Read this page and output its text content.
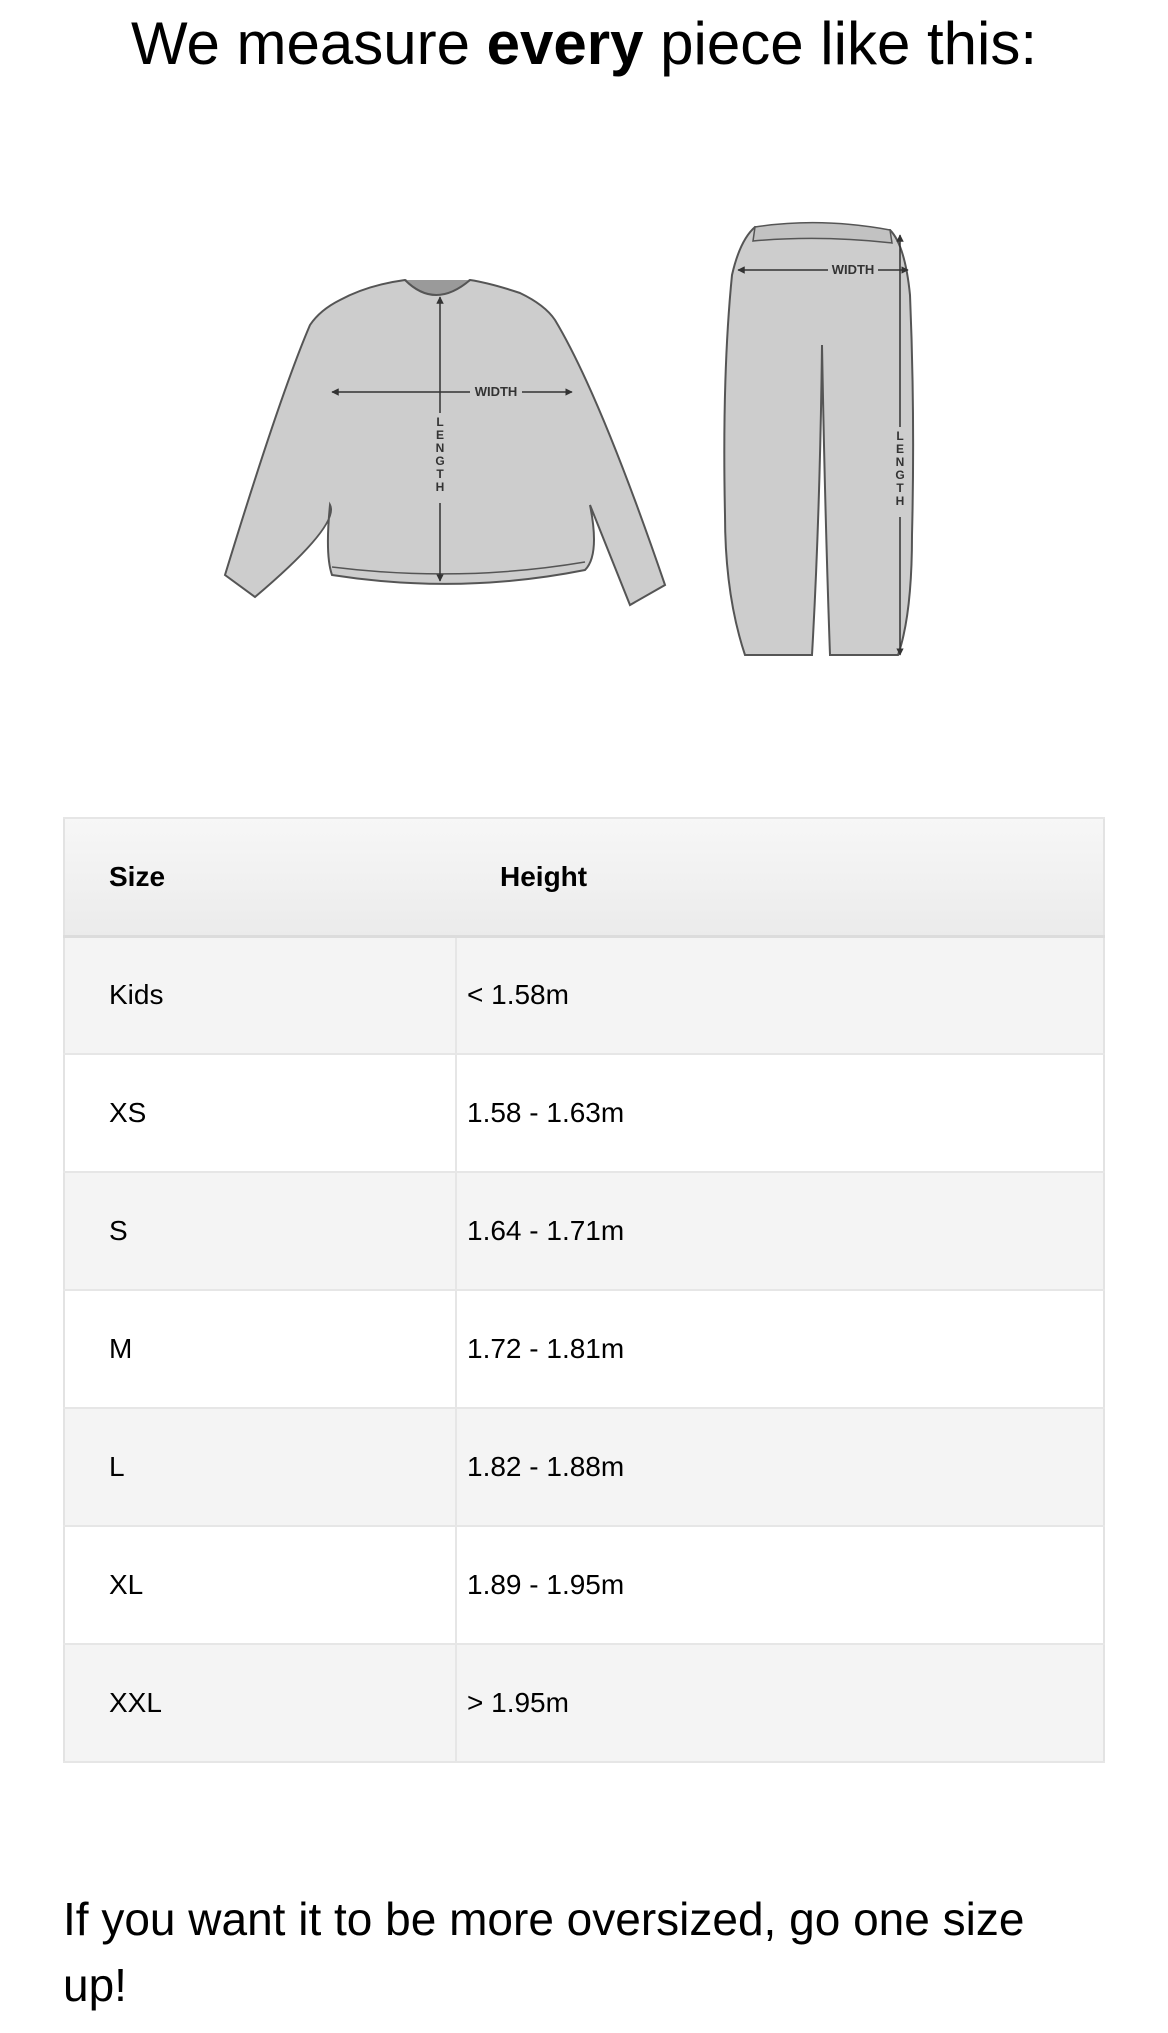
We measure every piece like this:
WIDTH
L
E
N
G
T
H
WIDTH
L
E
N
G
T
H
Size	Height
Kids	< 1.58m
XS	1.58 - 1.63m
S	1.64 - 1.71m
M	1.72 - 1.81m
L	1.82 - 1.88m
XL	1.89 - 1.95m
XXL	> 1.95m

If you want it to be more oversized, go one size up!
